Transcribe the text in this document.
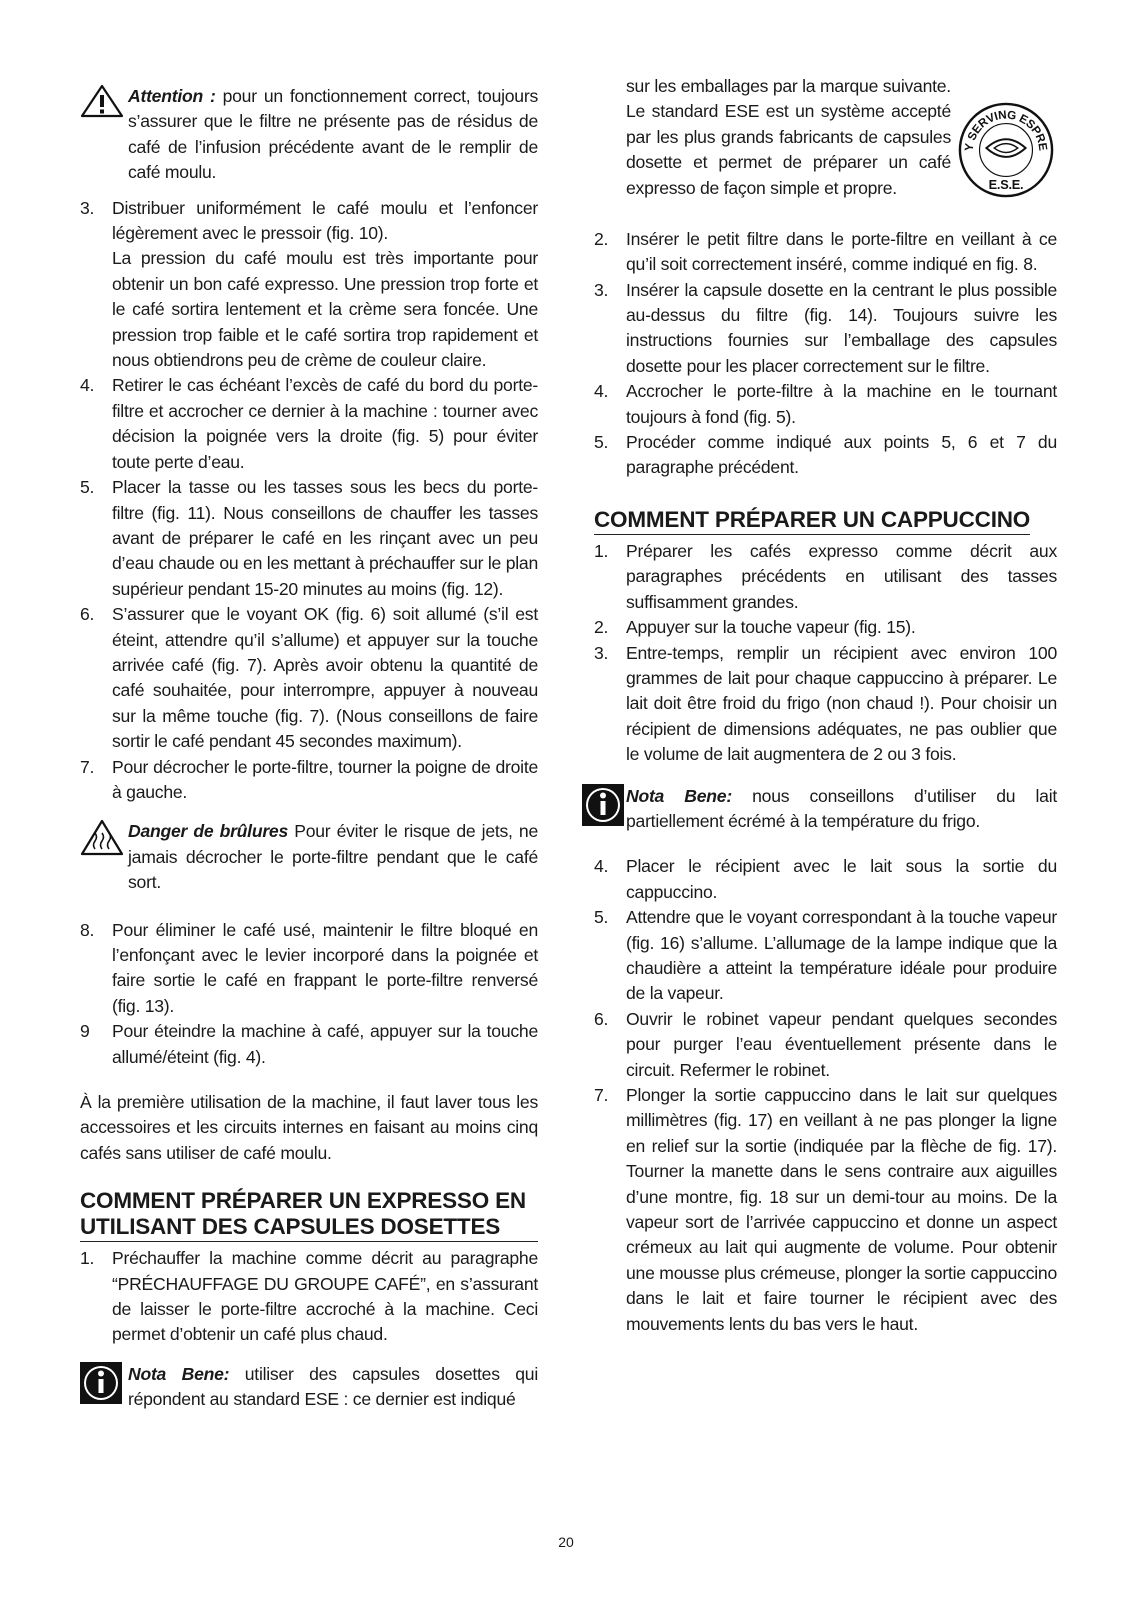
Attention : pour un fonctionnement correct, toujours s’assurer que le filtre ne présente pas de résidus de café de l’infusion précédente avant de le remplir de café moulu.
3.	Distribuer uniformément le café moulu et l’enfoncer légèrement avec le pressoir (fig. 10).
La pression du café moulu est très importante pour obtenir un bon café expresso. Une pression trop forte et le café sortira lentement et la crème sera foncée. Une pression trop faible et le café sortira trop rapidement et nous obtiendrons peu de crème de couleur claire.
4.	Retirer le cas échéant l’excès de café du bord du porte-filtre et accrocher ce dernier à la machine : tourner avec décision la poignée vers la droite (fig. 5) pour éviter toute perte d’eau.
5.	Placer la tasse ou les tasses sous les becs du porte-filtre (fig. 11). Nous conseillons de chauffer les tasses avant de préparer le café en les rinçant avec un peu d’eau chaude ou en les mettant à préchauffer sur le plan supérieur pendant 15-20 minutes au moins (fig. 12).
6.	S’assurer que le voyant OK (fig. 6) soit allumé (s’il est éteint, attendre qu’il s’allume) et appuyer sur la touche arrivée café (fig. 7). Après avoir obtenu la quantité de café souhaitée, pour interrompre, appuyer à nouveau sur la même touche (fig. 7). (Nous conseillons de faire sortir le café pendant 45 secondes maximum).
7.	Pour décrocher le porte-filtre, tourner la poigne de droite à gauche.
Danger de brûlures Pour éviter le risque de jets, ne jamais décrocher le porte-filtre pendant que le café sort.
8.	Pour éliminer le café usé, maintenir le filtre bloqué en l’enfonçant avec le levier incorporé dans la poignée et faire sortie le café en frappant le porte-filtre renversé (fig. 13).
9	Pour éteindre la machine à café, appuyer sur la touche allumé/éteint (fig. 4).
À la première utilisation de la machine, il faut laver tous les accessoires et les circuits internes en faisant au moins cinq cafés sans utiliser de café moulu.
COMMENT PRÉPARER UN EXPRESSO EN UTILISANT DES CAPSULES DOSETTES
1.	Préchauffer la machine comme décrit au paragraphe “PRÉCHAUFFAGE DU GROUPE CAFÉ”, en s’assurant de laisser le porte-filtre accroché à la machine. Ceci permet d’obtenir un café plus chaud.
Nota Bene: utiliser des capsules dosettes qui répondent au standard ESE : ce dernier est indiqué
sur les emballages par la marque suivante.
Le standard ESE est un système accepté par les plus grands fabricants de capsules dosette et permet de préparer un café expresso de façon simple et propre.
Y SERVING ESPRE
E.S.E.
2.	Insérer le petit filtre dans le porte-filtre en veillant à ce qu’il soit correctement inséré, comme indiqué en fig. 8.
3.	Insérer la capsule dosette en la centrant le plus possible au-dessus du filtre (fig. 14). Toujours suivre les instructions fournies sur l’emballage des capsules dosette pour les placer correctement sur le filtre.
4.	Accrocher le porte-filtre à la machine en le tournant toujours à fond (fig. 5).
5.	Procéder comme indiqué aux points 5, 6 et 7 du paragraphe précédent.
COMMENT PRÉPARER UN CAPPUCCINO
1.	Préparer les cafés expresso comme décrit aux paragraphes précédents en utilisant des tasses suffisamment grandes.
2.	Appuyer sur la touche vapeur (fig. 15).
3.	Entre-temps, remplir un récipient avec environ 100 grammes de lait pour chaque cappuccino à préparer. Le lait doit être froid du frigo (non chaud !). Pour choisir un récipient de dimensions adéquates, ne pas oublier que le volume de lait augmentera de 2 ou 3 fois.
Nota Bene: nous conseillons d’utiliser du lait partiellement écrémé à la température du frigo.
4.	Placer le récipient avec le lait sous la sortie du cappuccino.
5.	Attendre que le voyant correspondant à la touche vapeur (fig. 16) s’allume. L’allumage de la lampe indique que la chaudière a atteint la température idéale pour produire de la vapeur.
6.	Ouvrir le robinet vapeur pendant quelques secondes pour purger l’eau éventuellement présente dans le circuit. Refermer le robinet.
7.	Plonger la sortie cappuccino dans le lait sur quelques millimètres (fig. 17) en veillant à ne pas plonger la ligne en relief sur la sortie (indiquée par la flèche de fig. 17). Tourner la manette dans le sens contraire aux aiguilles d’une montre, fig. 18 sur un demi-tour au moins. De la vapeur sort de l’arrivée cappuccino et donne un aspect crémeux au lait qui augmente de volume. Pour obtenir une mousse plus crémeuse, plonger la sortie cappuccino dans le lait et faire tourner le récipient avec des mouvements lents du bas vers le haut.
20
